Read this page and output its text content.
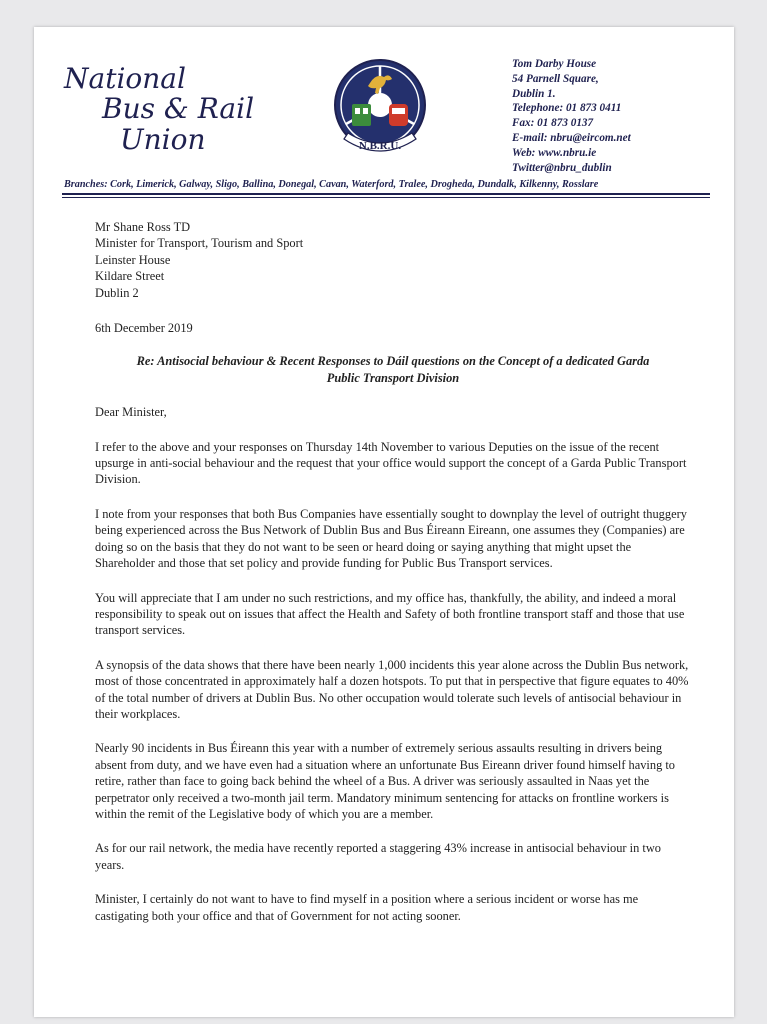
National
Bus & Rail
Union	N.B.R.U.
Tom Darby House
54 Parnell Square,
Dublin 1.
Telephone: 01 873 0411
Fax: 01 873 0137
E-mail: nbru@eircom.net
Web: www.nbru.ie
Twitter@nbru_dublin
Branches: Cork, Limerick, Galway, Sligo, Ballina, Donegal, Cavan, Waterford, Tralee, Drogheda, Dundalk, Kilkenny, Rosslare
Mr Shane Ross TD
Minister for Transport, Tourism and Sport
Leinster House
Kildare Street
Dublin 2
6th December 2019
Re: Antisocial behaviour & Recent Responses to Dáil questions on the Concept of a dedicated Garda Public Transport Division
Dear Minister,

I refer to the above and your responses on Thursday 14th November to various Deputies on the issue of the recent upsurge in anti-social behaviour and the request that your office would support the concept of a Garda Public Transport Division.

I note from your responses that both Bus Companies have essentially sought to downplay the level of outright thuggery being experienced across the Bus Network of Dublin Bus and Bus Éireann Eireann, one assumes they (Companies) are doing so on the basis that they do not want to be seen or heard doing or saying anything that might upset the Shareholder and those that set policy and provide funding for Public Bus Transport services.

You will appreciate that I am under no such restrictions, and my office has, thankfully, the ability, and indeed a moral responsibility to speak out on issues that affect the Health and Safety of both frontline transport staff and those that use transport services.

A synopsis of the data shows that there have been nearly 1,000 incidents this year alone across the Dublin Bus network, most of those concentrated in approximately half a dozen hotspots. To put that in perspective that figure equates to 40% of the total number of drivers at Dublin Bus. No other occupation would tolerate such levels of antisocial behaviour in their workplaces.

Nearly 90 incidents in Bus Éireann this year with a number of extremely serious assaults resulting in drivers being absent from duty, and we have even had a situation where an unfortunate Bus Eireann driver found himself having to retire, rather than face to going back behind the wheel of a Bus. A driver was seriously assaulted in Naas yet the perpetrator only received a two-month jail term. Mandatory minimum sentencing for attacks on frontline workers is within the remit of the Legislative body of which you are a member.

As for our rail network, the media have recently reported a staggering 43% increase in antisocial behaviour in two years.

Minister, I certainly do not want to have to find myself in a position where a serious incident or worse has me castigating both your office and that of Government for not acting sooner.
